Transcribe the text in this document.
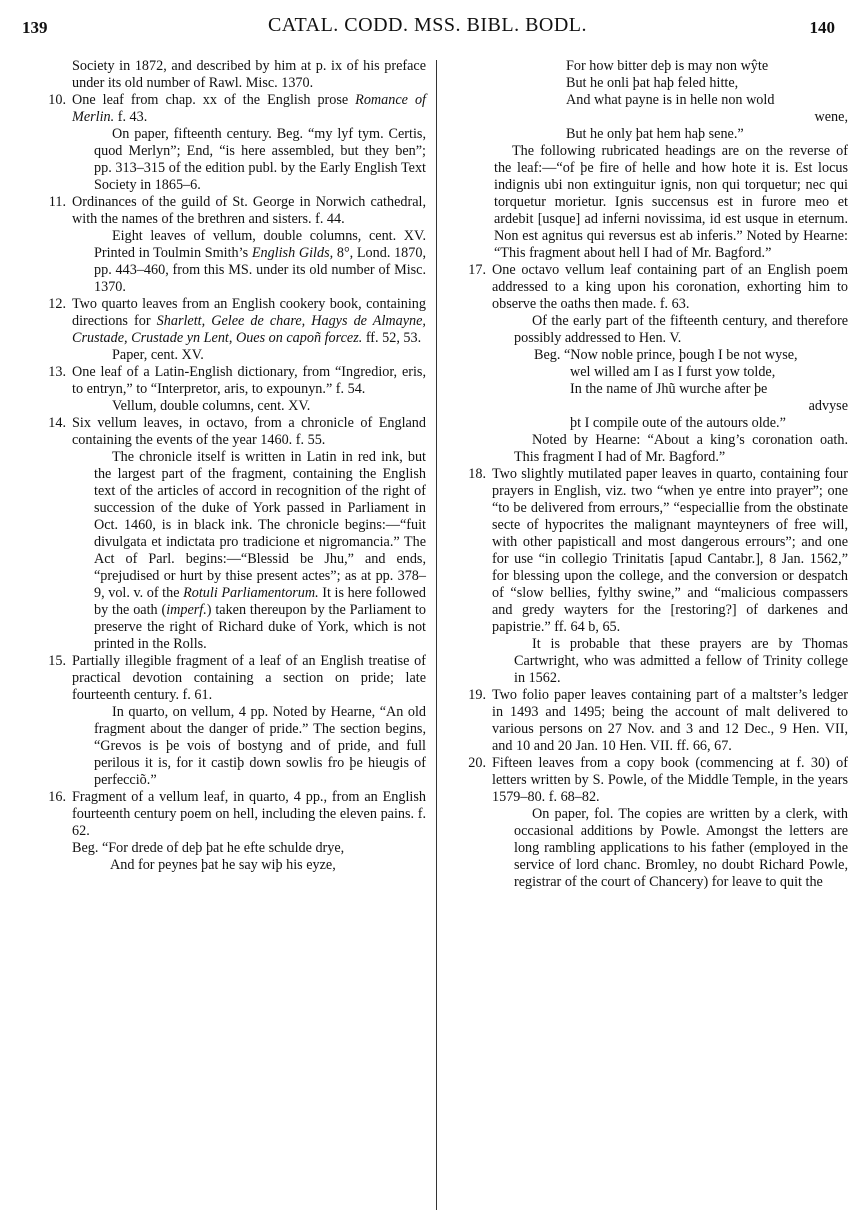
139	CATAL. CODD. MSS. BIBL. BODL.	140

Society in 1872, and described by him at p. ix of his preface under its old number of Rawl. Misc. 1370.

10. One leaf from chap. xx of the English prose Romance of Merlin. f. 43.

On paper, fifteenth century. Beg. “my lyf tym. Certis, quod Merlyn”; End, “is here assembled, but they ben”; pp. 313–315 of the edition publ. by the Early English Text Society in 1865–6.

11. Ordinances of the guild of St. George in Norwich cathedral, with the names of the brethren and sisters. f. 44.

Eight leaves of vellum, double columns, cent. XV. Printed in Toulmin Smith’s English Gilds, 8°, Lond. 1870, pp. 443–460, from this MS. under its old number of Misc. 1370.

12. Two quarto leaves from an English cookery book, containing directions for Sharlett, Gelee de chare, Hagys de Almayne, Crustade, Crustade yn Lent, Oues on capoñ forcez. ff. 52, 53.

Paper, cent. XV.

13. One leaf of a Latin-English dictionary, from “Ingredior, eris, to entryn,” to “Interpretor, aris, to expounyn.” f. 54.

Vellum, double columns, cent. XV.

14. Six vellum leaves, in octavo, from a chronicle of England containing the events of the year 1460. f. 55.

The chronicle itself is written in Latin in red ink, but the largest part of the fragment, containing the English text of the articles of accord in recognition of the right of succession of the duke of York passed in Parliament in Oct. 1460, is in black ink. The chronicle begins:—“fuit divulgata et indictata pro tradicione et nigromancia.” The Act of Parl. begins:—“Blessid be Jhu,” and ends, “prejudised or hurt by thise present actes”; as at pp. 378–9, vol. v. of the Rotuli Parliamentorum. It is here followed by the oath (imperf.) taken thereupon by the Parliament to preserve the right of Richard duke of York, which is not printed in the Rolls.

15. Partially illegible fragment of a leaf of an English treatise of practical devotion containing a section on pride; late fourteenth century. f. 61.

In quarto, on vellum, 4 pp. Noted by Hearne, “An old fragment about the danger of pride.” The section begins, “Grevos is þe vois of bostyng and of pride, and full perilous it is, for it castiþ down sowlis fro þe hieugis of perfecciõ.”

16. Fragment of a vellum leaf, in quarto, 4 pp., from an English fourteenth century poem on hell, including the eleven pains. f. 62.

Beg. “For drede of deþ þat he efte schulde drye,
And for peynes þat he say wiþ his eyze,
For how bitter deþ is may non wŷte
But he onli þat haþ feled hitte,
And what payne is in helle non wold
wene,
But he only þat hem haþ sene.”

The following rubricated headings are on the reverse of the leaf:—“of þe fire of helle and how hote it is. Est locus indignis ubi non extinguitur ignis, non qui torquetur; nec qui torquetur morietur. Ignis succensus est in furore meo et ardebit [usque] ad inferni novissima, id est usque in eternum. Non est agnitus qui reversus est ab inferis.” Noted by Hearne: “This fragment about hell I had of Mr. Bagford.”

17. One octavo vellum leaf containing part of an English poem addressed to a king upon his coronation, exhorting him to observe the oaths then made. f. 63.

Of the early part of the fifteenth century, and therefore possibly addressed to Hen. V.

Beg. “Now noble prince, þough I be not wyse,
wel willed am I as I furst yow tolde,
In the name of Jhũ wurche after þe
advyse
þt I compile oute of the autours olde.”

Noted by Hearne: “About a king’s coronation oath. This fragment I had of Mr. Bagford.”

18. Two slightly mutilated paper leaves in quarto, containing four prayers in English, viz. two “when ye entre into prayer”; one “to be delivered from errours,” “especiallie from the obstinate secte of hypocrites the malignant maynteyners of free will, with other papisticall and most dangerous errours”; and one for use “in collegio Trinitatis [apud Cantabr.], 8 Jan. 1562,” for blessing upon the college, and the conversion or despatch of “slow bellies, fylthy swine,” and “malicious compassers and gredy wayters for the [restoring?] of darkenes and papistrie.” ff. 64 b, 65.

It is probable that these prayers are by Thomas Cartwright, who was admitted a fellow of Trinity college in 1562.

19. Two folio paper leaves containing part of a maltster’s ledger in 1493 and 1495; being the account of malt delivered to various persons on 27 Nov. and 3 and 12 Dec., 9 Hen. VII, and 10 and 20 Jan. 10 Hen. VII. ff. 66, 67.

20. Fifteen leaves from a copy book (commencing at f. 30) of letters written by S. Powle, of the Middle Temple, in the years 1579–80. f. 68–82.

On paper, fol. The copies are written by a clerk, with occasional additions by Powle. Amongst the letters are long rambling applications to his father (employed in the service of lord chanc. Bromley, no doubt Richard Powle, registrar of the court of Chancery) for leave to quit the
